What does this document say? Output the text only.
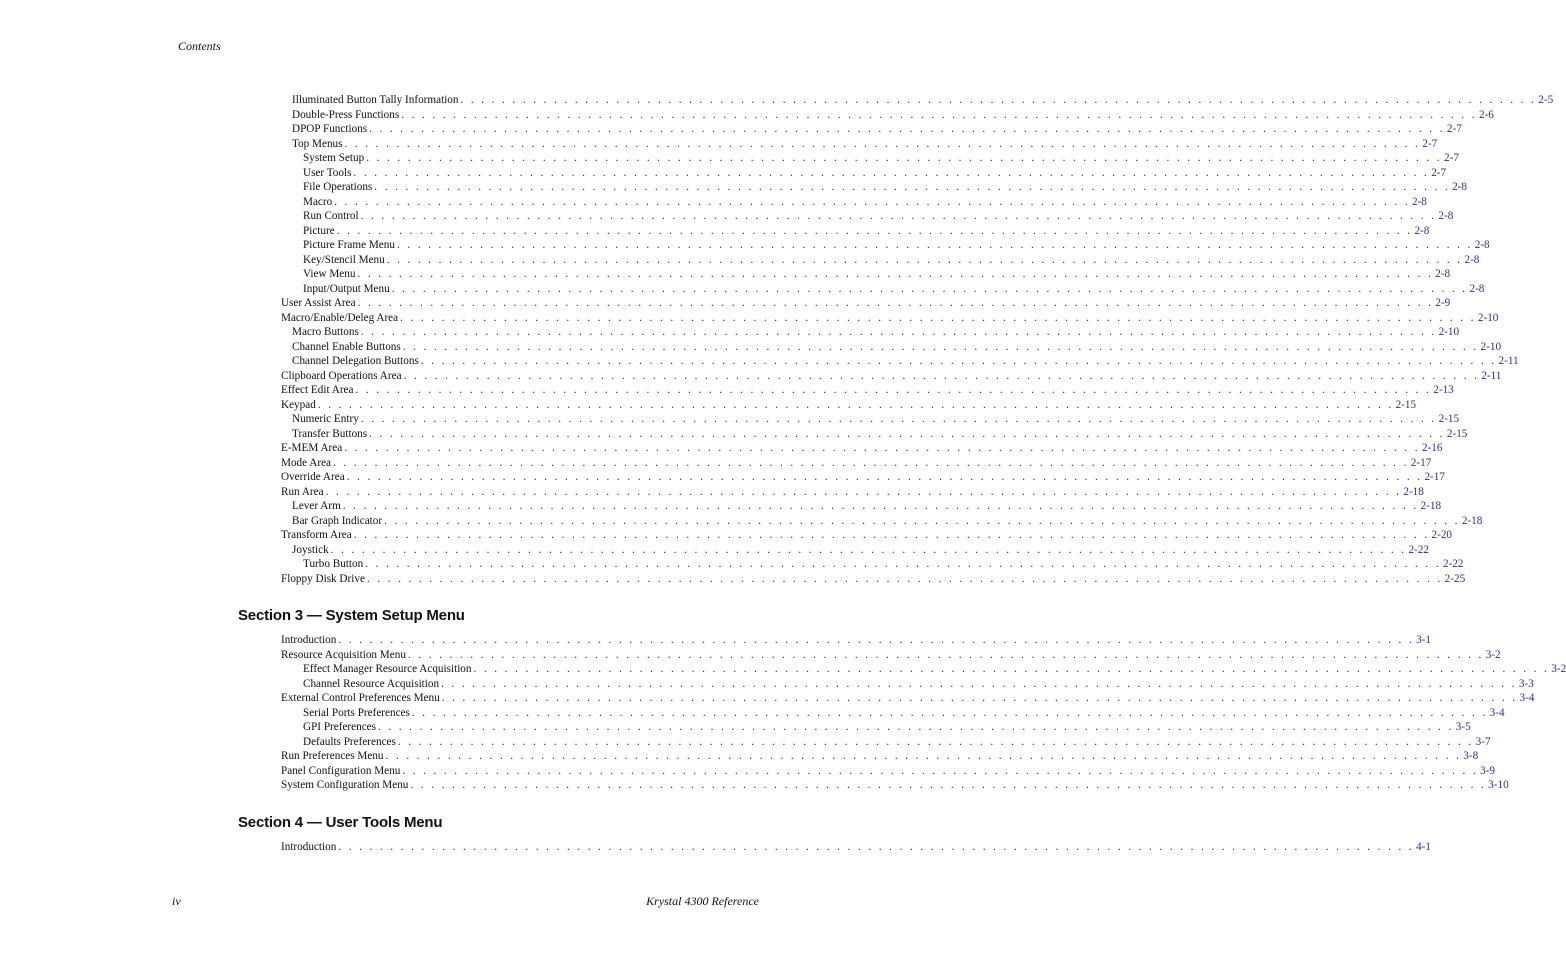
Contents
Illuminated Button Tally Information . . . . . . . . . . . . . . . . . . . . . . . . . . . . . . . . . . . . . . . . . . . . . . . . . . . . . . . . . . . . . . . . . . . . . . . . . . . . . . . . . . . . . . . . . . . . . . . . . . . . . . . . 2-5
Double-Press Functions . . . . . . . . . . . . . . . . . . . . . . . . . . . . . . . . . . . . . . . . . . . . . . . . . . . . . . . . . . . . . . . . . . . . . . . . . . . . . . . . . . . . . . . . . . . . . . . . . . . . . . . . 2-6
DPOP Functions . . . . . . . . . . . . . . . . . . . . . . . . . . . . . . . . . . . . . . . . . . . . . . . . . . . . . . . . . . . . . . . . . . . . . . . . . . . . . . . . . . . . . . . . . . . . . . . . . . . . . . . . 2-7
Top Menus . . . . . . . . . . . . . . . . . . . . . . . . . . . . . . . . . . . . . . . . . . . . . . . . . . . . . . . . . . . . . . . . . . . . . . . . . . . . . . . . . . . . . . . . . . . . . . . . . . . . . . . . 2-7
System Setup . . . . . . . . . . . . . . . . . . . . . . . . . . . . . . . . . . . . . . . . . . . . . . . . . . . . . . . . . . . . . . . . . . . . . . . . . . . . . . . . . . . . . . . . . . . . . . . . . . . . . . . . 2-7
User Tools . . . . . . . . . . . . . . . . . . . . . . . . . . . . . . . . . . . . . . . . . . . . . . . . . . . . . . . . . . . . . . . . . . . . . . . . . . . . . . . . . . . . . . . . . . . . . . . . . . . . . . . . 2-7
File Operations . . . . . . . . . . . . . . . . . . . . . . . . . . . . . . . . . . . . . . . . . . . . . . . . . . . . . . . . . . . . . . . . . . . . . . . . . . . . . . . . . . . . . . . . . . . . . . . . . . . . . . . . 2-8
Macro . . . . . . . . . . . . . . . . . . . . . . . . . . . . . . . . . . . . . . . . . . . . . . . . . . . . . . . . . . . . . . . . . . . . . . . . . . . . . . . . . . . . . . . . . . . . . . . . . . . . . . . . 2-8
Run Control . . . . . . . . . . . . . . . . . . . . . . . . . . . . . . . . . . . . . . . . . . . . . . . . . . . . . . . . . . . . . . . . . . . . . . . . . . . . . . . . . . . . . . . . . . . . . . . . . . . . . . . . 2-8
Picture . . . . . . . . . . . . . . . . . . . . . . . . . . . . . . . . . . . . . . . . . . . . . . . . . . . . . . . . . . . . . . . . . . . . . . . . . . . . . . . . . . . . . . . . . . . . . . . . . . . . . . . . 2-8
Picture Frame Menu . . . . . . . . . . . . . . . . . . . . . . . . . . . . . . . . . . . . . . . . . . . . . . . . . . . . . . . . . . . . . . . . . . . . . . . . . . . . . . . . . . . . . . . . . . . . . . . . . . . . . . . . 2-8
Key/Stencil Menu . . . . . . . . . . . . . . . . . . . . . . . . . . . . . . . . . . . . . . . . . . . . . . . . . . . . . . . . . . . . . . . . . . . . . . . . . . . . . . . . . . . . . . . . . . . . . . . . . . . . . . . . 2-8
View Menu . . . . . . . . . . . . . . . . . . . . . . . . . . . . . . . . . . . . . . . . . . . . . . . . . . . . . . . . . . . . . . . . . . . . . . . . . . . . . . . . . . . . . . . . . . . . . . . . . . . . . . . . 2-8
Input/Output Menu . . . . . . . . . . . . . . . . . . . . . . . . . . . . . . . . . . . . . . . . . . . . . . . . . . . . . . . . . . . . . . . . . . . . . . . . . . . . . . . . . . . . . . . . . . . . . . . . . . . . . . . . 2-8
User Assist Area . . . . . . . . . . . . . . . . . . . . . . . . . . . . . . . . . . . . . . . . . . . . . . . . . . . . . . . . . . . . . . . . . . . . . . . . . . . . . . . . . . . . . . . . . . . . . . . . . . . . . . . . 2-9
Macro/Enable/Deleg Area . . . . . . . . . . . . . . . . . . . . . . . . . . . . . . . . . . . . . . . . . . . . . . . . . . . . . . . . . . . . . . . . . . . . . . . . . . . . . . . . . . . . . . . . . . . . . . . . . . . . . . . . 2-10
Macro Buttons . . . . . . . . . . . . . . . . . . . . . . . . . . . . . . . . . . . . . . . . . . . . . . . . . . . . . . . . . . . . . . . . . . . . . . . . . . . . . . . . . . . . . . . . . . . . . . . . . . . . . . . . 2-10
Channel Enable Buttons . . . . . . . . . . . . . . . . . . . . . . . . . . . . . . . . . . . . . . . . . . . . . . . . . . . . . . . . . . . . . . . . . . . . . . . . . . . . . . . . . . . . . . . . . . . . . . . . . . . . . . . . 2-10
Channel Delegation Buttons . . . . . . . . . . . . . . . . . . . . . . . . . . . . . . . . . . . . . . . . . . . . . . . . . . . . . . . . . . . . . . . . . . . . . . . . . . . . . . . . . . . . . . . . . . . . . . . . . . . . . . . . 2-11
Clipboard Operations Area . . . . . . . . . . . . . . . . . . . . . . . . . . . . . . . . . . . . . . . . . . . . . . . . . . . . . . . . . . . . . . . . . . . . . . . . . . . . . . . . . . . . . . . . . . . . . . . . . . . . . . . . 2-11
Effect Edit Area . . . . . . . . . . . . . . . . . . . . . . . . . . . . . . . . . . . . . . . . . . . . . . . . . . . . . . . . . . . . . . . . . . . . . . . . . . . . . . . . . . . . . . . . . . . . . . . . . . . . . . . . 2-13
Keypad . . . . . . . . . . . . . . . . . . . . . . . . . . . . . . . . . . . . . . . . . . . . . . . . . . . . . . . . . . . . . . . . . . . . . . . . . . . . . . . . . . . . . . . . . . . . . . . . . . . . . . . . 2-15
Numeric Entry . . . . . . . . . . . . . . . . . . . . . . . . . . . . . . . . . . . . . . . . . . . . . . . . . . . . . . . . . . . . . . . . . . . . . . . . . . . . . . . . . . . . . . . . . . . . . . . . . . . . . . . . 2-15
Transfer Buttons . . . . . . . . . . . . . . . . . . . . . . . . . . . . . . . . . . . . . . . . . . . . . . . . . . . . . . . . . . . . . . . . . . . . . . . . . . . . . . . . . . . . . . . . . . . . . . . . . . . . . . . . 2-15
E-MEM Area . . . . . . . . . . . . . . . . . . . . . . . . . . . . . . . . . . . . . . . . . . . . . . . . . . . . . . . . . . . . . . . . . . . . . . . . . . . . . . . . . . . . . . . . . . . . . . . . . . . . . . . . 2-16
Mode Area . . . . . . . . . . . . . . . . . . . . . . . . . . . . . . . . . . . . . . . . . . . . . . . . . . . . . . . . . . . . . . . . . . . . . . . . . . . . . . . . . . . . . . . . . . . . . . . . . . . . . . . . 2-17
Override Area . . . . . . . . . . . . . . . . . . . . . . . . . . . . . . . . . . . . . . . . . . . . . . . . . . . . . . . . . . . . . . . . . . . . . . . . . . . . . . . . . . . . . . . . . . . . . . . . . . . . . . . . 2-17
Run Area . . . . . . . . . . . . . . . . . . . . . . . . . . . . . . . . . . . . . . . . . . . . . . . . . . . . . . . . . . . . . . . . . . . . . . . . . . . . . . . . . . . . . . . . . . . . . . . . . . . . . . . . 2-18
Lever Arm . . . . . . . . . . . . . . . . . . . . . . . . . . . . . . . . . . . . . . . . . . . . . . . . . . . . . . . . . . . . . . . . . . . . . . . . . . . . . . . . . . . . . . . . . . . . . . . . . . . . . . . . 2-18
Bar Graph Indicator . . . . . . . . . . . . . . . . . . . . . . . . . . . . . . . . . . . . . . . . . . . . . . . . . . . . . . . . . . . . . . . . . . . . . . . . . . . . . . . . . . . . . . . . . . . . . . . . . . . . . . . . 2-18
Transform Area . . . . . . . . . . . . . . . . . . . . . . . . . . . . . . . . . . . . . . . . . . . . . . . . . . . . . . . . . . . . . . . . . . . . . . . . . . . . . . . . . . . . . . . . . . . . . . . . . . . . . . . . 2-20
Joystick . . . . . . . . . . . . . . . . . . . . . . . . . . . . . . . . . . . . . . . . . . . . . . . . . . . . . . . . . . . . . . . . . . . . . . . . . . . . . . . . . . . . . . . . . . . . . . . . . . . . . . . . 2-22
Turbo Button . . . . . . . . . . . . . . . . . . . . . . . . . . . . . . . . . . . . . . . . . . . . . . . . . . . . . . . . . . . . . . . . . . . . . . . . . . . . . . . . . . . . . . . . . . . . . . . . . . . . . . . . 2-22
Floppy Disk Drive . . . . . . . . . . . . . . . . . . . . . . . . . . . . . . . . . . . . . . . . . . . . . . . . . . . . . . . . . . . . . . . . . . . . . . . . . . . . . . . . . . . . . . . . . . . . . . . . . . . . . . . . 2-25
Section 3 — System Setup Menu
Introduction . . . . . . . . . . . . . . . . . . . . . . . . . . . . . . . . . . . . . . . . . . . . . . . . . . . . . . . . . . . . . . . . . . . . . . . . . . . . . . . . . . . . . . . . . . . . . . . . . . . . . . . . 3-1
Resource Acquisition Menu . . . . . . . . . . . . . . . . . . . . . . . . . . . . . . . . . . . . . . . . . . . . . . . . . . . . . . . . . . . . . . . . . . . . . . . . . . . . . . . . . . . . . . . . . . . . . . . . . . . . . . . . 3-2
Effect Manager Resource Acquisition . . . . . . . . . . . . . . . . . . . . . . . . . . . . . . . . . . . . . . . . . . . . . . . . . . . . . . . . . . . . . . . . . . . . . . . . . . . . . . . . . . . . . . . . . . . . . . . . . . . . . . . . 3-2
Channel Resource Acquisition . . . . . . . . . . . . . . . . . . . . . . . . . . . . . . . . . . . . . . . . . . . . . . . . . . . . . . . . . . . . . . . . . . . . . . . . . . . . . . . . . . . . . . . . . . . . . . . . . . . . . . . . 3-3
External Control Preferences Menu . . . . . . . . . . . . . . . . . . . . . . . . . . . . . . . . . . . . . . . . . . . . . . . . . . . . . . . . . . . . . . . . . . . . . . . . . . . . . . . . . . . . . . . . . . . . . . . . . . . . . . . . 3-4
Serial Ports Preferences . . . . . . . . . . . . . . . . . . . . . . . . . . . . . . . . . . . . . . . . . . . . . . . . . . . . . . . . . . . . . . . . . . . . . . . . . . . . . . . . . . . . . . . . . . . . . . . . . . . . . . . . 3-4
GPI Preferences . . . . . . . . . . . . . . . . . . . . . . . . . . . . . . . . . . . . . . . . . . . . . . . . . . . . . . . . . . . . . . . . . . . . . . . . . . . . . . . . . . . . . . . . . . . . . . . . . . . . . . . . 3-5
Defaults Preferences . . . . . . . . . . . . . . . . . . . . . . . . . . . . . . . . . . . . . . . . . . . . . . . . . . . . . . . . . . . . . . . . . . . . . . . . . . . . . . . . . . . . . . . . . . . . . . . . . . . . . . . . 3-7
Run Preferences Menu . . . . . . . . . . . . . . . . . . . . . . . . . . . . . . . . . . . . . . . . . . . . . . . . . . . . . . . . . . . . . . . . . . . . . . . . . . . . . . . . . . . . . . . . . . . . . . . . . . . . . . . . 3-8
Panel Configuration Menu . . . . . . . . . . . . . . . . . . . . . . . . . . . . . . . . . . . . . . . . . . . . . . . . . . . . . . . . . . . . . . . . . . . . . . . . . . . . . . . . . . . . . . . . . . . . . . . . . . . . . . . . 3-9
System Configuration Menu . . . . . . . . . . . . . . . . . . . . . . . . . . . . . . . . . . . . . . . . . . . . . . . . . . . . . . . . . . . . . . . . . . . . . . . . . . . . . . . . . . . . . . . . . . . . . . . . . . . . . . . . 3-10
Section 4 — User Tools Menu
Introduction . . . . . . . . . . . . . . . . . . . . . . . . . . . . . . . . . . . . . . . . . . . . . . . . . . . . . . . . . . . . . . . . . . . . . . . . . . . . . . . . . . . . . . . . . . . . . . . . . . . . . . . . 4-1
iv	Krystal 4300 Reference
